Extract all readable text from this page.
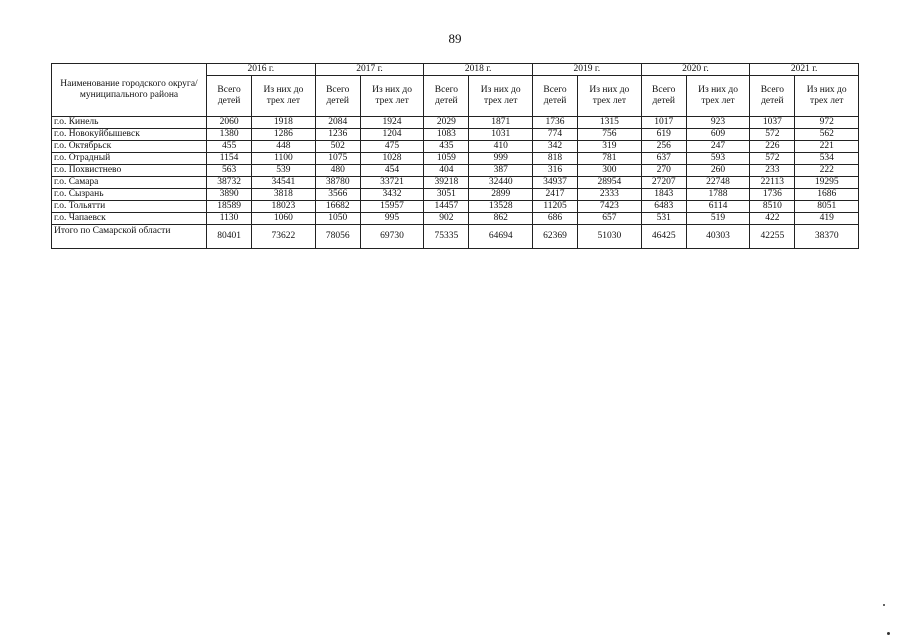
89
Наименование городского округа/ муниципального района	2016 г.		2017 г.		2018 г.		2019 г.		2020 г.		2021 г.	
	Всего детей	Из них до трех лет	Всего детей	Из них до трех лет	Всего детей	Из них до трех лет	Всего детей	Из них до трех лет	Всего детей	Из них до трех лет	Всего детей	Из них до трех лет
г.о. Кинель	2060	1918	2084	1924	2029	1871	1736	1315	1017	923	1037	972
г.о. Новокуйбышевск	1380	1286	1236	1204	1083	1031	774	756	619	609	572	562
г.о. Октябрьск	455	448	502	475	435	410	342	319	256	247	226	221
г.о. Отрадный	1154	1100	1075	1028	1059	999	818	781	637	593	572	534
г.о. Похвистнево	563	539	480	454	404	387	316	300	270	260	233	222
г.о. Самара	38732	34541	38780	33721	39218	32440	34937	28954	27207	22748	22113	19295
г.о. Сызрань	3890	3818	3566	3432	3051	2899	2417	2333	1843	1788	1736	1686
г.о. Тольятти	18589	18023	16682	15957	14457	13528	11205	7423	6483	6114	8510	8051
г.о. Чапаевск	1130	1060	1050	995	902	862	686	657	531	519	422	419
Итого по Самарской области	80401	73622	78056	69730	75335	64694	62369	51030	46425	40303	42255	38370
